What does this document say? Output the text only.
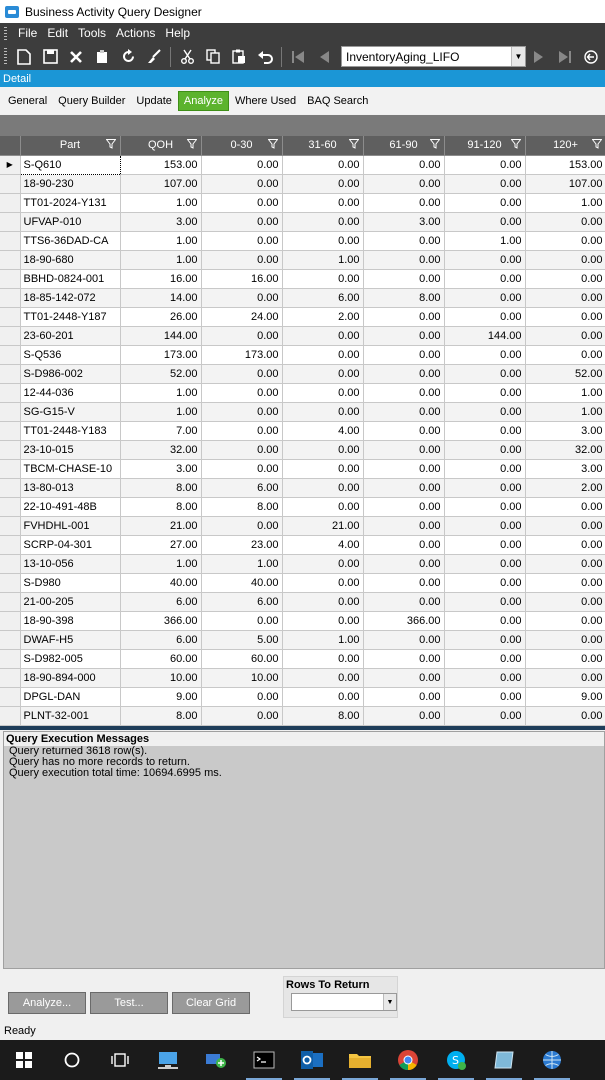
Business Activity Query Designer
File Edit Tools Actions Help
InventoryAging_LIFO	▼
Detail
General	Query Builder	Update	Analyze	Where Used	BAQ Search
	Part	QOH	0-30	31-60	61-90	91-120	120+

▶	S-Q610	153.00	0.00	0.00	0.00	0.00	153.00	
	18-90-230	107.00	0.00	0.00	0.00	0.00	107.00	
	TT01-2024-Y131	1.00	0.00	0.00	0.00	0.00	1.00	
	UFVAP-010	3.00	0.00	0.00	3.00	0.00	0.00	
	TTS6-36DAD-CA	1.00	0.00	0.00	0.00	1.00	0.00	
	18-90-680	1.00	0.00	1.00	0.00	0.00	0.00	
	BBHD-0824-001	16.00	16.00	0.00	0.00	0.00	0.00	
	18-85-142-072	14.00	0.00	6.00	8.00	0.00	0.00	
	TT01-2448-Y187	26.00	24.00	2.00	0.00	0.00	0.00	
	23-60-201	144.00	0.00	0.00	0.00	144.00	0.00	
	S-Q536	173.00	173.00	0.00	0.00	0.00	0.00	
	S-D986-002	52.00	0.00	0.00	0.00	0.00	52.00	
	12-44-036	1.00	0.00	0.00	0.00	0.00	1.00	
	SG-G15-V	1.00	0.00	0.00	0.00	0.00	1.00	
	TT01-2448-Y183	7.00	0.00	4.00	0.00	0.00	3.00	
	23-10-015	32.00	0.00	0.00	0.00	0.00	32.00	
	TBCM-CHASE-10	3.00	0.00	0.00	0.00	0.00	3.00	
	13-80-013	8.00	6.00	0.00	0.00	0.00	2.00	
	22-10-491-48B	8.00	8.00	0.00	0.00	0.00	0.00	
	FVHDHL-001	21.00	0.00	21.00	0.00	0.00	0.00	
	SCRP-04-301	27.00	23.00	4.00	0.00	0.00	0.00	
	13-10-056	1.00	1.00	0.00	0.00	0.00	0.00	
	S-D980	40.00	40.00	0.00	0.00	0.00	0.00	
	21-00-205	6.00	6.00	0.00	0.00	0.00	0.00	
	18-90-398	366.00	0.00	0.00	366.00	0.00	0.00	
	DWAF-H5	6.00	5.00	1.00	0.00	0.00	0.00	
	S-D982-005	60.00	60.00	0.00	0.00	0.00	0.00	
	18-90-894-000	10.00	10.00	0.00	0.00	0.00	0.00	
	DPGL-DAN	9.00	0.00	0.00	0.00	0.00	9.00	
	PLNT-32-001	8.00	0.00	8.00	0.00	0.00	0.00	
Query Execution Messages
Query returned 3618 row(s).
Query has no more records to return.
Query execution total time: 10694.6995 ms.
Analyze...	Test...	Clear Grid
Rows To Return
▼
Ready
S
